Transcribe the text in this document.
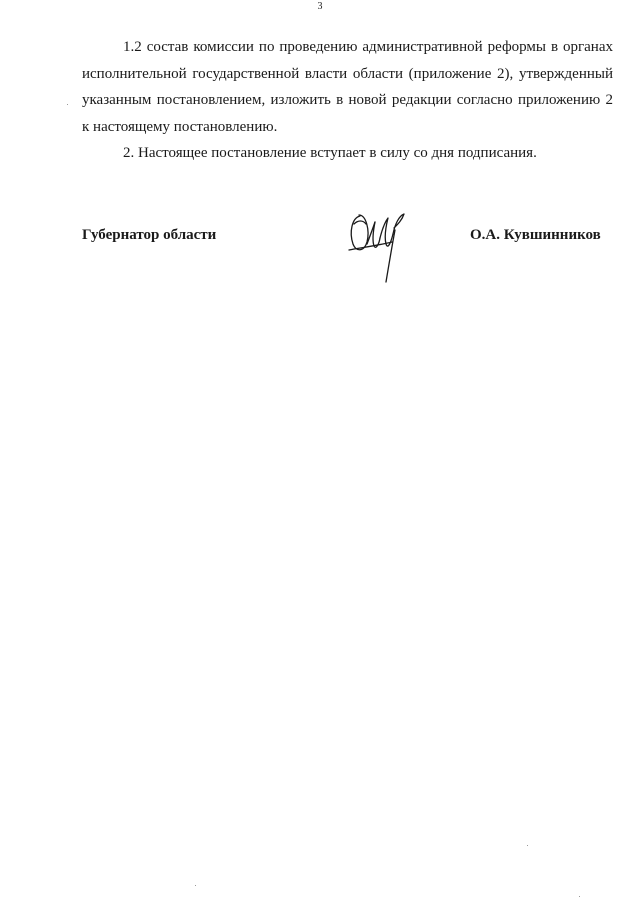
3

1.2 состав комиссии по проведению административной реформы в органах
исполнительной государственной власти области (приложение 2), утвержденный
указанным постановлением, изложить в новой редакции согласно приложению 2
к настоящему постановлению.

2. Настоящее постановление вступает в силу со дня подписания.

Губернатор области	О.А. Кувшинников
